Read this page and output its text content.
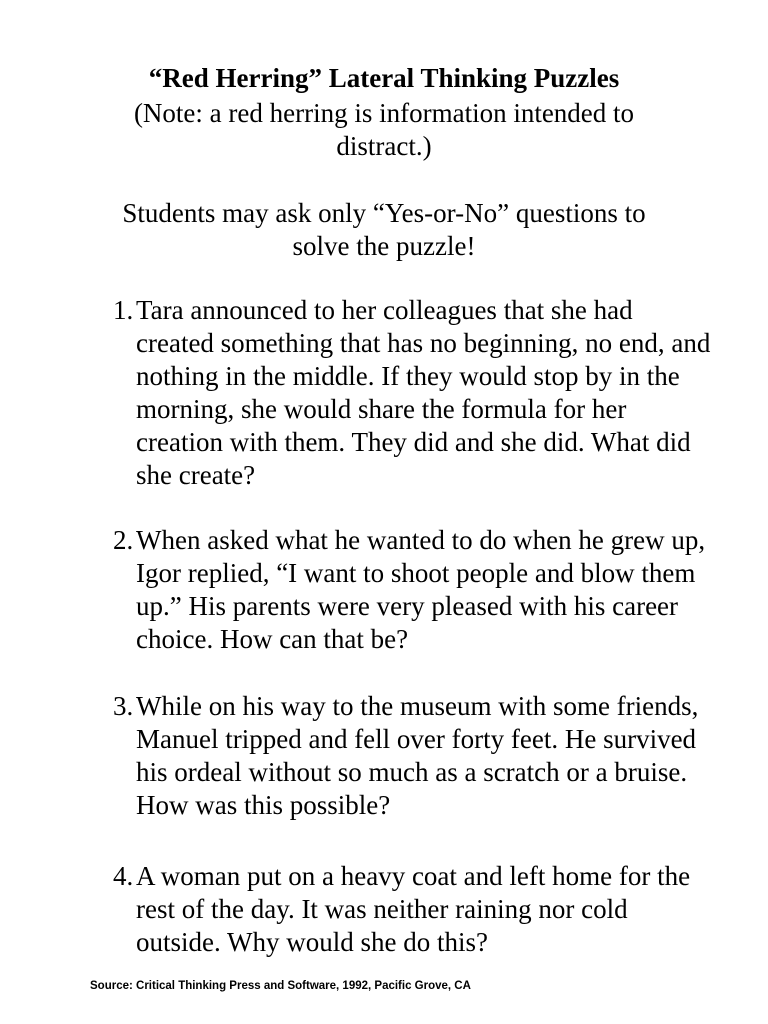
“Red Herring” Lateral Thinking Puzzles

(Note: a red herring is information intended to distract.)

Students may ask only “Yes-or-No” questions to solve the puzzle!

1. Tara announced to her colleagues that she had created something that has no beginning, no end, and nothing in the middle. If they would stop by in the morning, she would share the formula for her creation with them. They did and she did. What did she create?
2. When asked what he wanted to do when he grew up, Igor replied, “I want to shoot people and blow them up.” His parents were very pleased with his career choice. How can that be?
3. While on his way to the museum with some friends, Manuel tripped and fell over forty feet. He survived his ordeal without so much as a scratch or a bruise. How was this possible?
4. A woman put on a heavy coat and left home for the rest of the day. It was neither raining nor cold outside. Why would she do this?

Source: Critical Thinking Press and Software, 1992, Pacific Grove, CA
